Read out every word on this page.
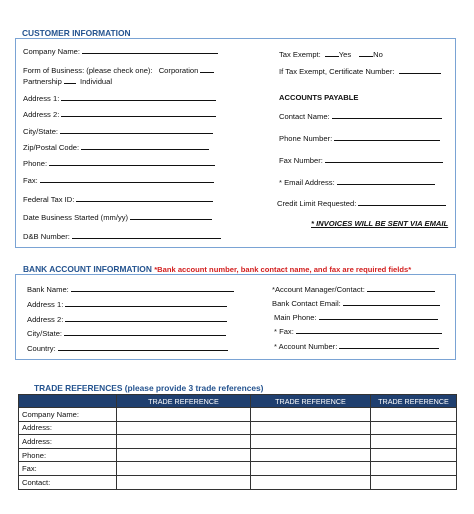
CUSTOMER INFORMATION
Company Name:
Form of Business: (please check one): Corporation
Partnership Individual
Address 1:
Address 2:
City/State:
Zip/Postal Code:
Phone:
Fax:
Federal Tax ID:
Date Business Started (mm/yy)
D&B Number:
Tax Exempt: Yes	No
If Tax Exempt, Certificate Number:
ACCOUNTS PAYABLE
Contact Name:
Phone Number:
Fax Number:
* Email Address:
Credit Limit Requested:
* INVOICES WILL BE SENT VIA EMAIL
BANK ACCOUNT INFORMATION *Bank account number, bank contact name, and fax are required fields*
Bank Name:
Address 1:
Address 2:
City/State:
Country:
*Account Manager/Contact:
Bank Contact Email:
Main Phone:
* Fax:
* Account Number:
TRADE REFERENCES (please provide 3 trade references)
	TRADE REFERENCE	TRADE REFERENCE	TRADE REFERENCE
Company Name:			
Address:			
Address:			
Phone:			
Fax:			
Contact:			
